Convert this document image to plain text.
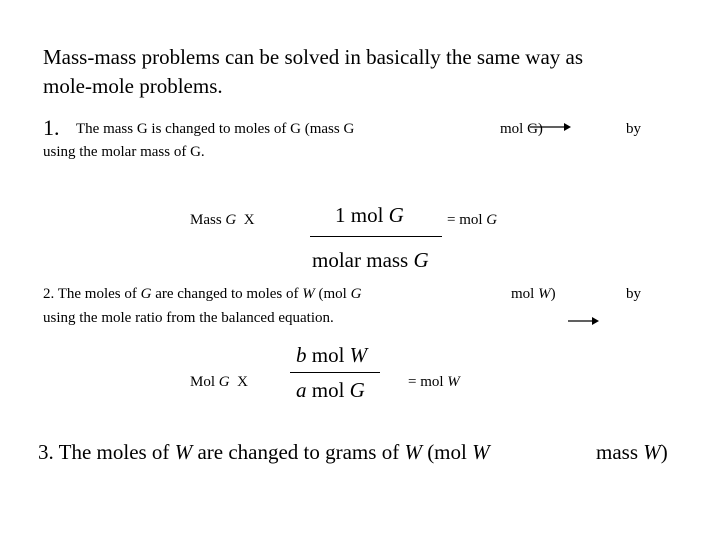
Mass-mass problems can be solved in basically the same way as
mole-mole problems.
1. The mass G is changed to moles of G (mass G	mol G)	by
using the molar mass of G.
Mass G X	1 mol G	= mol G
molar mass G
2. The moles of G are changed to moles of W (mol G	mol W)	by
using the mole ratio from the balanced equation.
b mol W
Mol G X	= mol W
a mol G
3. The moles of W are changed to grams of W (mol W	mass W)
